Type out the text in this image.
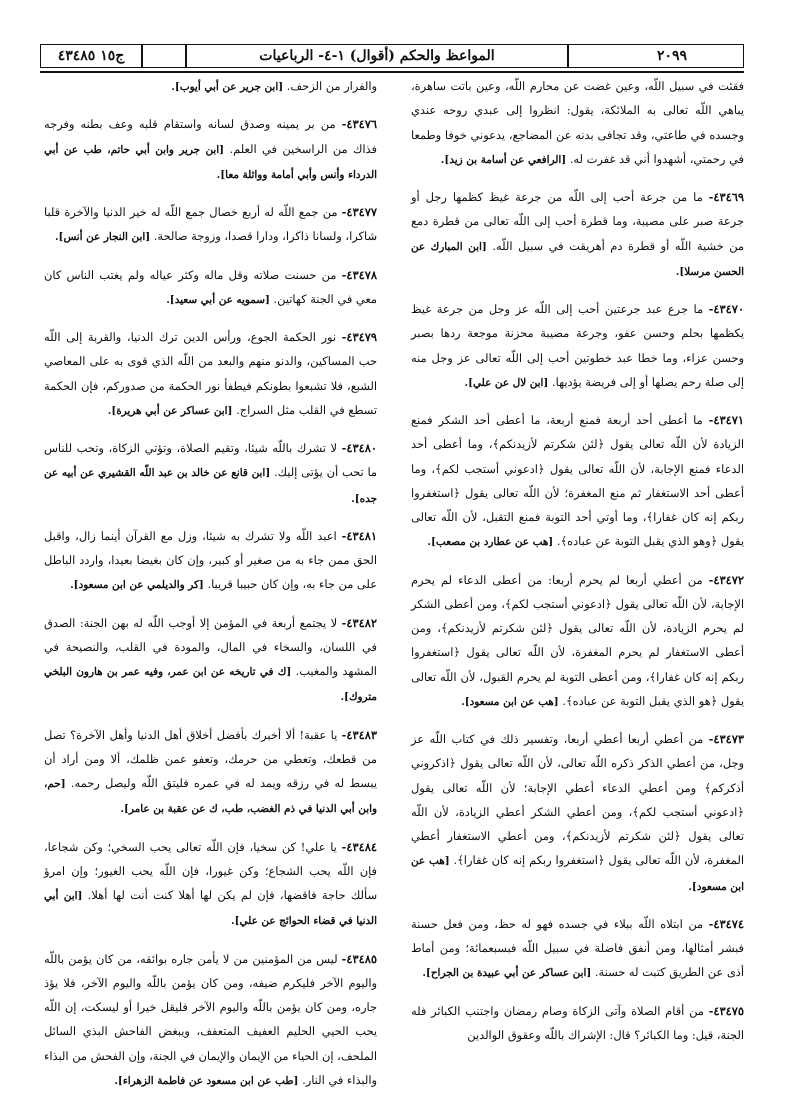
ج١٥ ٤٣٤٨٥	المواعظ والحكم (أقوال) ١-٤- الرباعيات	٢٠٩٩

فقئت في سبيل اللّه، وعين غضت عن محارم اللّه، وعين باتت ساهرة، يباهي اللّه تعالى به الملائكة، يقول: انظروا إلى عبدي روحه عندي وجسده في طاعتي، وقد تجافى بدنه عن المضاجع، يدعوني خوفا وطمعا في رحمتي، أشهدوا أني قد غفرت له. [الرافعي عن أسامة بن زيد].

٤٣٤٦٩- ما من جرعة أحب إلى اللّه من جرعة غيظ كظمها رجل أو جرعة صبر على مصيبة، وما قطرة أحب إلى اللّه تعالى من قطرة دمع من خشية اللّه أو قطرة دم أهريقت في سبيل اللّه. [ابن المبارك عن الحسن مرسلا].

٤٣٤٧٠- ما جرع عبد جرعتين أحب إلى اللّه عز وجل من جرعة غيظ يكظمها بحلم وحسن عفو، وجرعة مصيبة محزنة موجعة ردها بصبر وحسن عزاء، وما خطا عبد خطوتين أحب إلى اللّه تعالى عز وجل منه إلى صلة رحم يصلها أو إلى فريضة يؤديها. [ابن لال عن علي].

٤٣٤٧١- ما أعطى أحد أربعة فمنع أربعة، ما أعطى أحد الشكر فمنع الزيادة لأن اللّه تعالى يقول ﴿لئن شكرتم لأزيدنكم﴾، وما أعطى أحد الدعاء فمنع الإجابة، لأن اللّه تعالى يقول ﴿ادعوني أستجب لكم﴾، وما أعطى أحد الاستغفار ثم منع المغفرة؛ لأن اللّه تعالى يقول ﴿استغفروا ربكم إنه كان غفارا﴾، وما أوتي أحد التوبة فمنع التقبل، لأن اللّه تعالى يقول ﴿وهو الذي يقبل التوبة عن عباده﴾. [هب عن عطارد بن مصعب].

٤٣٤٧٢- من أعطي أربعا لم يحرم أربعا: من أعطى الدعاء لم يحرم الإجابة، لأن اللّه تعالى يقول ﴿ادعوني أستجب لكم﴾، ومن أعطى الشكر لم يحرم الزيادة، لأن اللّه تعالى يقول ﴿لئن شكرتم لأزيدنكم﴾، ومن أعطى الاستغفار لم يحرم المغفرة، لأن اللّه تعالى يقول ﴿استغفروا ربكم إنه كان غفارا﴾، ومن أعطى التوبة لم يحرم القبول، لأن اللّه تعالى يقول ﴿هو الذي يقبل التوبة عن عباده﴾. [هب عن ابن مسعود].

٤٣٤٧٣- من أعطي أربعا أعطي أربعا، وتفسير ذلك في كتاب اللّه عز وجل، من أعطي الذكر ذكره اللّه تعالى، لأن اللّه تعالى يقول ﴿اذكروني أذكركم﴾ ومن أعطي الدعاء أعطي الإجابة؛ لأن اللّه تعالى يقول ﴿ادعوني أستجب لكم﴾، ومن أعطي الشكر أعطي الزيادة، لأن اللّه تعالى يقول ﴿لئن شكرتم لأزيدنكم﴾، ومن أعطي الاستغفار أعطي المغفرة، لأن اللّه تعالى يقول ﴿استغفروا ربكم إنه كان غفارا﴾. [هب عن ابن مسعود].

٤٣٤٧٤- من ابتلاه اللّه ببلاء في جسده فهو له حظ، ومن فعل حسنة فبشر أمثالها، ومن أنفق فاضلة في سبيل اللّه فبسبعمائة؛ ومن أماط أذى عن الطريق كتبت له حسنة. [ابن عساكر عن أبي عبيدة بن الجراح].

٤٣٤٧٥- من أقام الصلاة وآتى الزكاة وصام رمضان واجتنب الكبائر فله الجنة، قيل: وما الكبائر؟ قال: الإشراك باللّه وعقوق الوالدين

والفرار من الزحف. [ابن جرير عن أبي أيوب].

٤٣٤٧٦- من بر يمينه وصدق لسانه واستقام قلبه وعف بطنه وفرجه فذاك من الراسخين في العلم. [ابن جرير وابن أبي حاتم، طب عن أبي الدرداء وأنس وأبي أمامة وواثلة معا].

٤٣٤٧٧- من جمع اللّه له أربع خصال جمع اللّه له خير الدنيا والآخرة قلبا شاكرا، ولسانا ذاكرا، ودارا قصدا، وزوجة صالحة. [ابن النجار عن أنس].

٤٣٤٧٨- من حسنت صلاته وقل ماله وكثر عياله ولم يغتب الناس كان معي في الجنة كهاتين. [سمويه عن أبي سعيد].

٤٣٤٧٩- نور الحكمة الجوع، ورأس الدين ترك الدنيا، والقربة إلى اللّه حب المساكين، والدنو منهم والبعد من اللّه الذي قوى به على المعاصي الشبع، فلا تشبعوا بطونكم فيطفأ نور الحكمة من صدوركم، فإن الحكمة تسطع في القلب مثل السراج. [ابن عساكر عن أبي هريرة].

٤٣٤٨٠- لا تشرك باللّه شيئا، وتقيم الصلاة، وتؤتي الزكاة، وتحب للناس ما تحب أن يؤتى إليك. [ابن قانع عن خالد بن عبد اللّه القشيري عن أبيه عن جده].

٤٣٤٨١- اعبد اللّه ولا تشرك به شيئا، وزل مع القرآن أينما زال، واقبل الحق ممن جاء به من صغير أو كبير، وإن كان بغيضا بعيدا، واردد الباطل على من جاء به، وإن كان حبيبا قريبا. [كر والديلمي عن ابن مسعود].

٤٣٤٨٢- لا يجتمع أربعة في المؤمن إلا أوجب اللّه له بهن الجنة: الصدق في اللسان، والسخاء في المال، والمودة في القلب، والنصيحة في المشهد والمغيب. [ك في تاريخه عن ابن عمر، وفيه عمر بن هارون البلخي متروك].

٤٣٤٨٣- يا عقبة! ألا أخبرك بأفضل أخلاق أهل الدنيا وأهل الآخرة؟ تصل من قطعك، وتعطي من حرمك، وتعفو عمن ظلمك، ألا ومن أراد أن يبسط له في رزقه ويمد له في عمره فليتق اللّه وليصل رحمه. [حم، وابن أبي الدنيا في ذم الغضب، طب، ك عن عقبة بن عامر].

٤٣٤٨٤- يا علي! كن سخيا، فإن اللّه تعالى يحب السخي؛ وكن شجاعا، فإن اللّه يحب الشجاع؛ وكن غيورا، فإن اللّه يحب الغيور؛ وإن امرؤ سألك حاجة فاقضها، فإن لم يكن لها أهلا كنت أنت لها أهلا. [ابن أبي الدنيا في قضاء الحوائج عن علي].

٤٣٤٨٥- ليس من المؤمنين من لا يأمن جاره بوائقه، من كان يؤمن باللّه واليوم الآخر فليكرم ضيفه، ومن كان يؤمن باللّه واليوم الآخر، فلا يؤذ جاره، ومن كان يؤمن باللّه واليوم الآخر فليقل خيرا أو ليسكت، إن اللّه يحب الحيي الحليم العفيف المتعفف، ويبغض الفاحش البذي السائل الملحف، إن الحياء من الإيمان والإيمان في الجنة، وإن الفحش من البذاء والبذاء في النار. [طب عن ابن مسعود عن فاطمة الزهراء].
